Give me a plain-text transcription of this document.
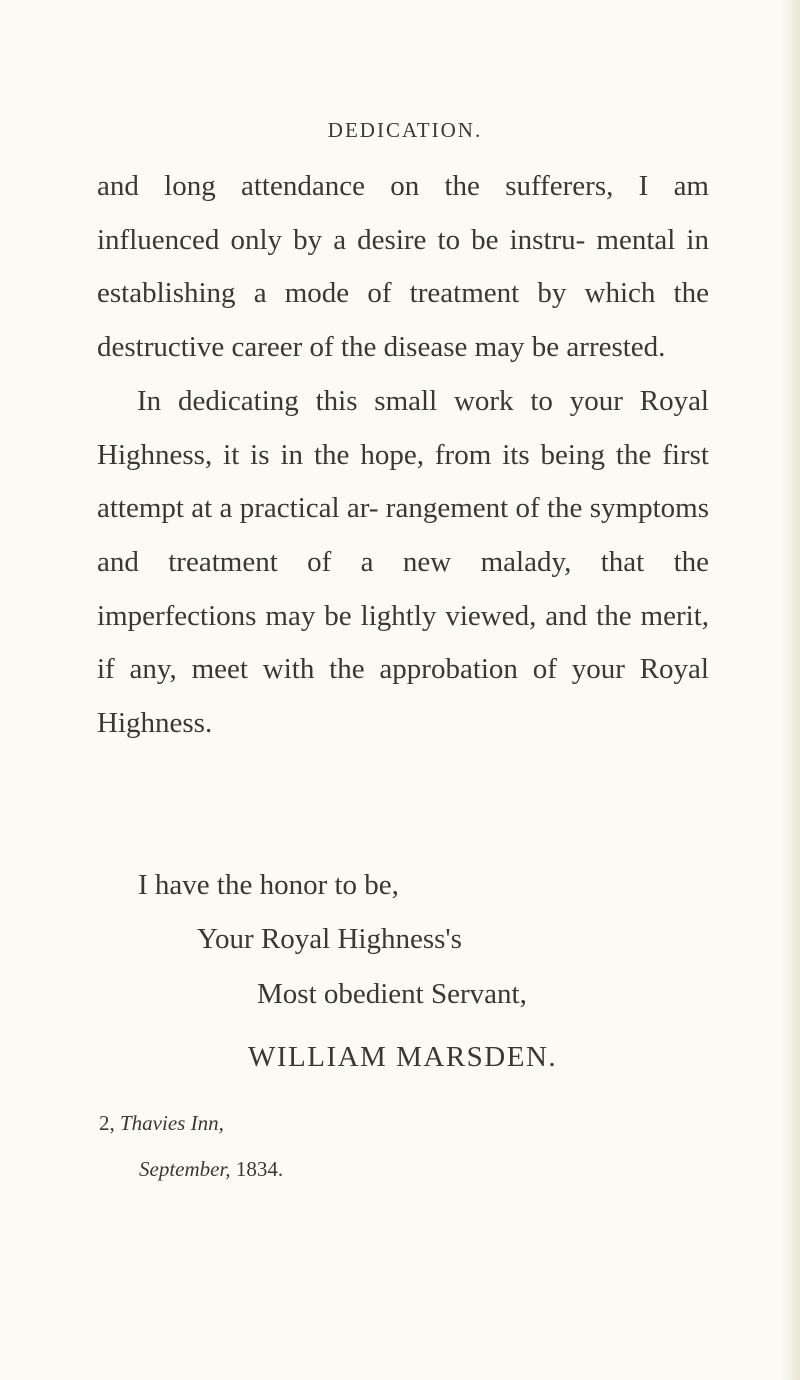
DEDICATION.

and long attendance on the sufferers, I am influenced only by a desire to be instru- mental in establishing a mode of treatment by which the destructive career of the disease may be arrested.

In dedicating this small work to your Royal Highness, it is in the hope, from its being the first attempt at a practical ar- rangement of the symptoms and treatment of a new malady, that the imperfections may be lightly viewed, and the merit, if any, meet with the approbation of your Royal Highness.

I have the honor to be,
Your Royal Highness's
Most obedient Servant,
WILLIAM MARSDEN.
2, Thavies Inn,
September, 1834.
